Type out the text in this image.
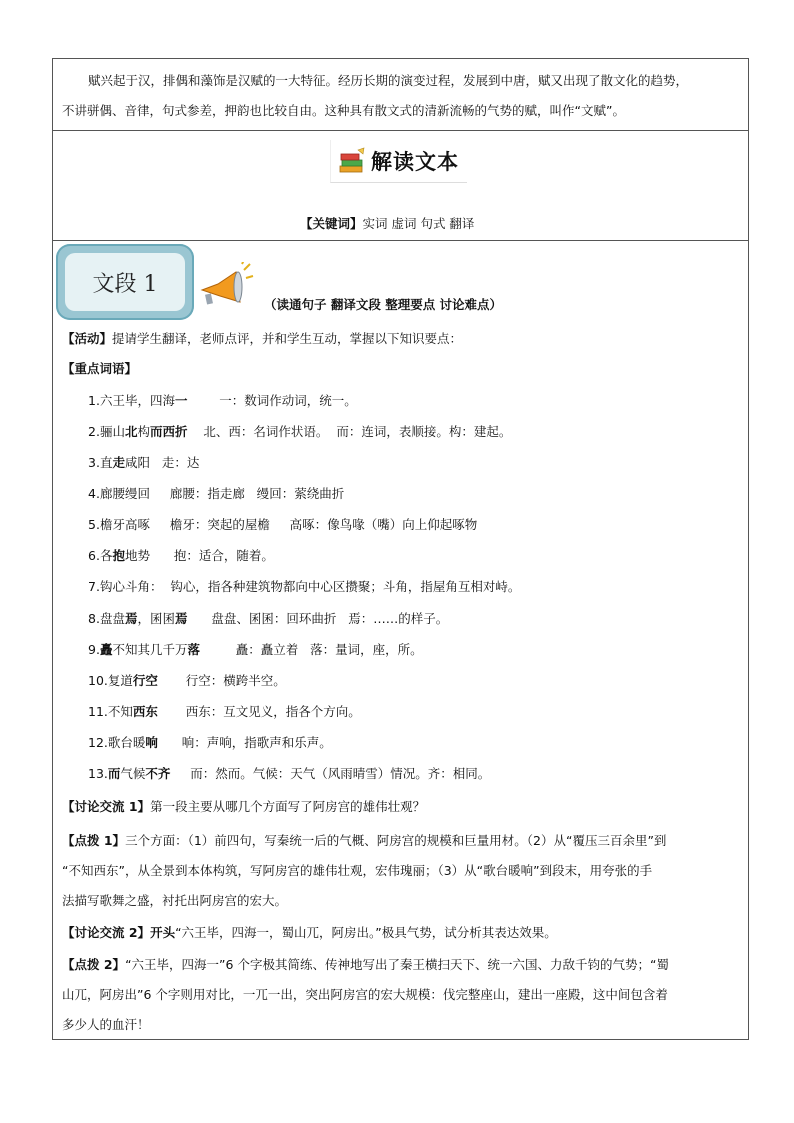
赋兴起于汉，排偶和藻饰是汉赋的一大特征。经历长期的演变过程，发展到中唐，赋又出现了散文化的趋势，
不讲骈偶、音律，句式参差，押韵也比较自由。这种具有散文式的清新流畅的气势的赋，叫作“文赋”。
解读文本
【关键词】实词 虚词 句式 翻译
文段 1
（读通句子 翻译文段 整理要点 讨论难点）
【活动】提请学生翻译，老师点评，并和学生互动，掌握以下知识要点：
【重点词语】
1.六王毕，四海一        一：数词作动词，统一。
2.骊山北构而西折    北、西：名词作状语。  而：连词，表顺接。构：建起。
3.直走咸阳   走：达
4.廊腰缦回     廊腰：指走廊   缦回：萦绕曲折
5.檐牙高啄     檐牙：突起的屋檐     高啄：像鸟喙（嘴）向上仰起啄物
6.各抱地势      抱：适合，随着。
7.钩心斗角：  钩心，指各种建筑物都向中心区攒聚；斗角，指屋角互相对峙。
8.盘盘焉，囷囷焉      盘盘、囷囷：回环曲折   焉：……的样子。
9.矗不知其几千万落         矗：矗立着   落：量词，座，所。
10.复道行空       行空：横跨半空。
11.不知西东       西东：互文见义，指各个方向。
12.歌台暖响      响：声响，指歌声和乐声。
13.而气候不齐     而：然而。气候：天气（风雨晴雪）情况。齐：相同。
【讨论交流 1】第一段主要从哪几个方面写了阿房宫的雄伟壮观？
【点拨 1】三个方面：（1）前四句，写秦统一后的气概、阿房宫的规模和巨量用材。（2）从“覆压三百余里”到
“不知西东”，从全景到本体构筑，写阿房宫的雄伟壮观，宏伟瑰丽；（3）从“歌台暖响”到段末，用夸张的手
法描写歌舞之盛，衬托出阿房宫的宏大。
【讨论交流 2】开头“六王毕，四海一，蜀山兀，阿房出。”极具气势，试分析其表达效果。
【点拨 2】“六王毕，四海一”6 个字极其简练、传神地写出了秦王横扫天下、统一六国、力敌千钧的气势；“蜀
山兀，阿房出”6 个字则用对比，一兀一出，突出阿房宫的宏大规模：伐完整座山，建出一座殿，这中间包含着
多少人的血汗！
